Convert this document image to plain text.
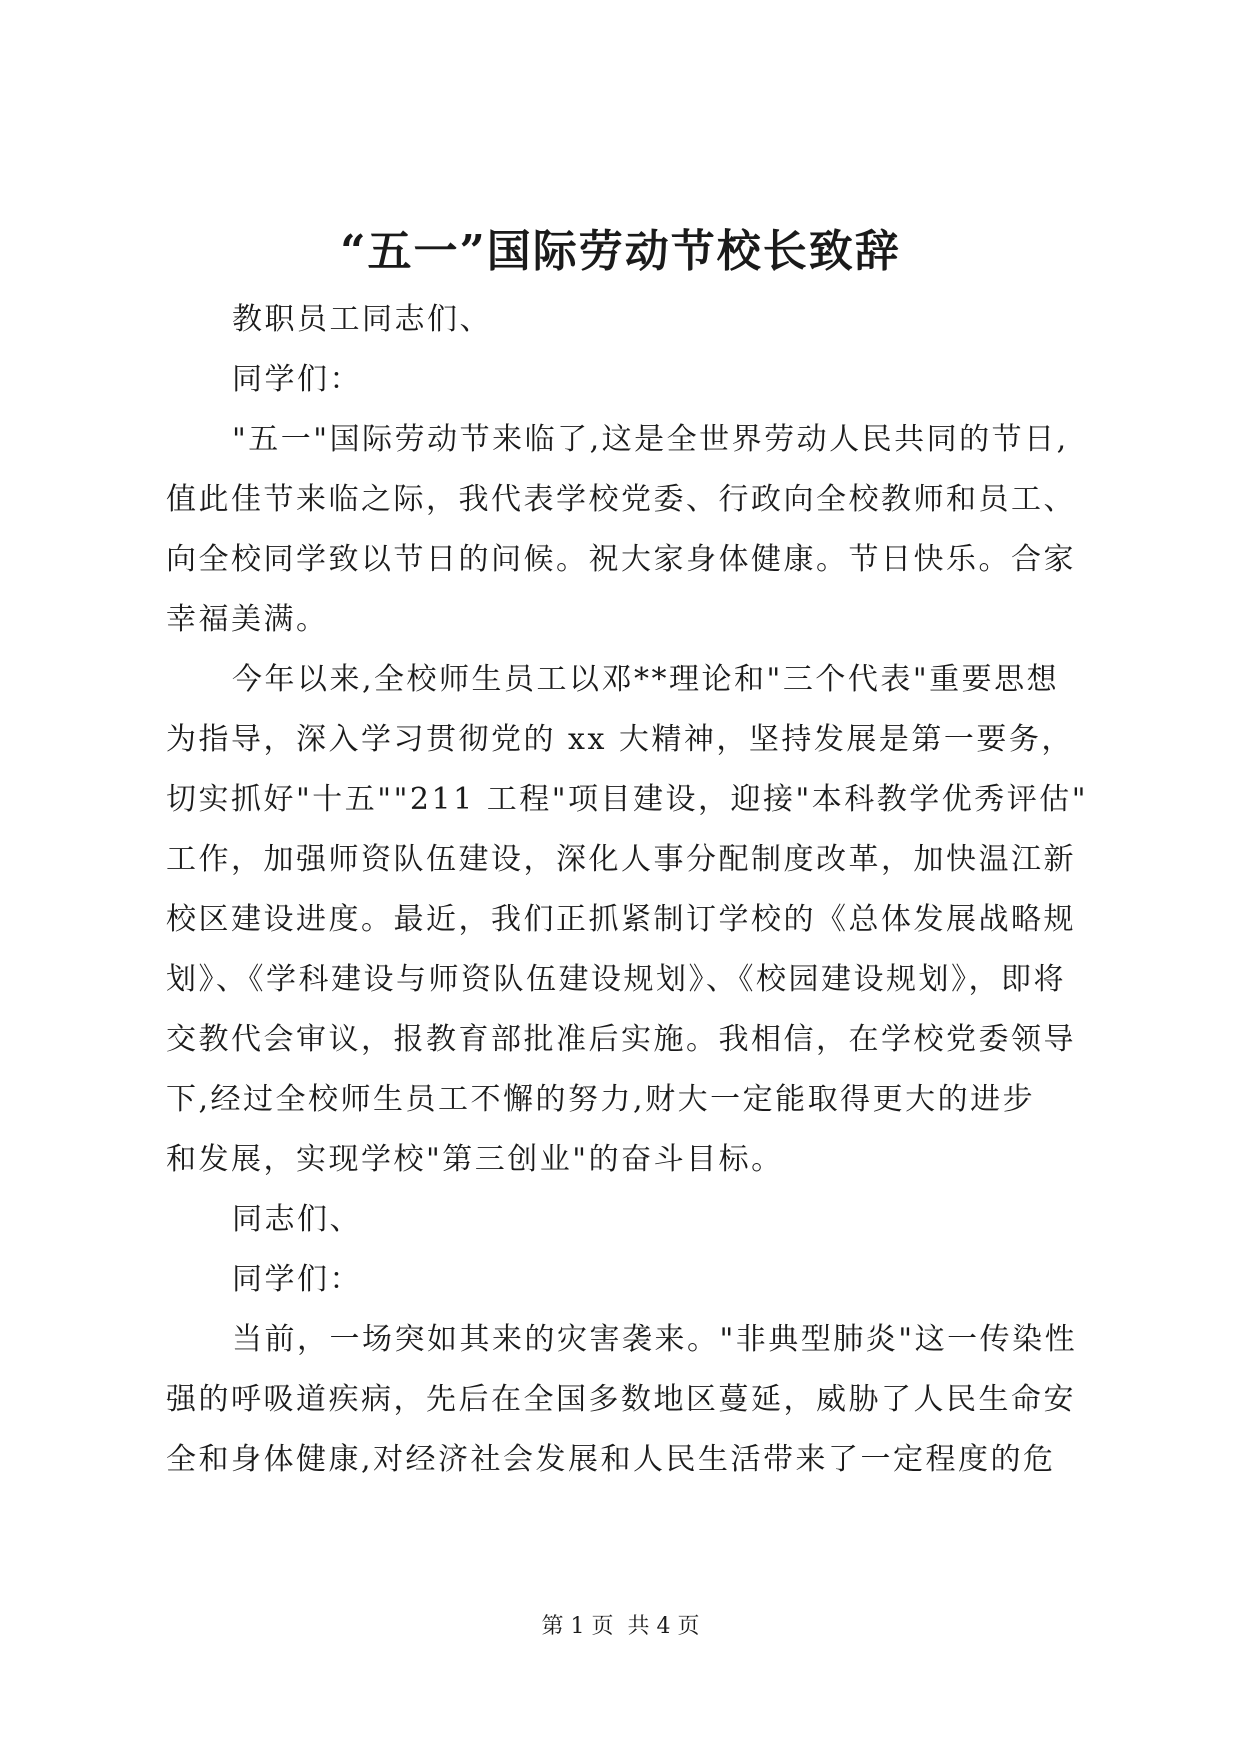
“五一”国际劳动节校长致辞
教职员工同志们、
同学们：
"五一"国际劳动节来临了,这是全世界劳动人民共同的节日,
值此佳节来临之际，我代表学校党委、行政向全校教师和员工、
向全校同学致以节日的问候。祝大家身体健康。节日快乐。合家
幸福美满。
今年以来,全校师生员工以邓**理论和"三个代表"重要思想
为指导，深入学习贯彻党的 xx 大精神，坚持发展是第一要务，
切实抓好"十五""211 工程"项目建设，迎接"本科教学优秀评估"
工作，加强师资队伍建设，深化人事分配制度改革，加快温江新
校区建设进度。最近，我们正抓紧制订学校的《总体发展战略规
划》、《学科建设与师资队伍建设规划》、《校园建设规划》，即将
交教代会审议，报教育部批准后实施。我相信，在学校党委领导
下,经过全校师生员工不懈的努力,财大一定能取得更大的进步
和发展，实现学校"第三创业"的奋斗目标。
同志们、
同学们：
当前，一场突如其来的灾害袭来。"非典型肺炎"这一传染性
强的呼吸道疾病，先后在全国多数地区蔓延，威胁了人民生命安
全和身体健康,对经济社会发展和人民生活带来了一定程度的危
第 1 页  共 4 页
